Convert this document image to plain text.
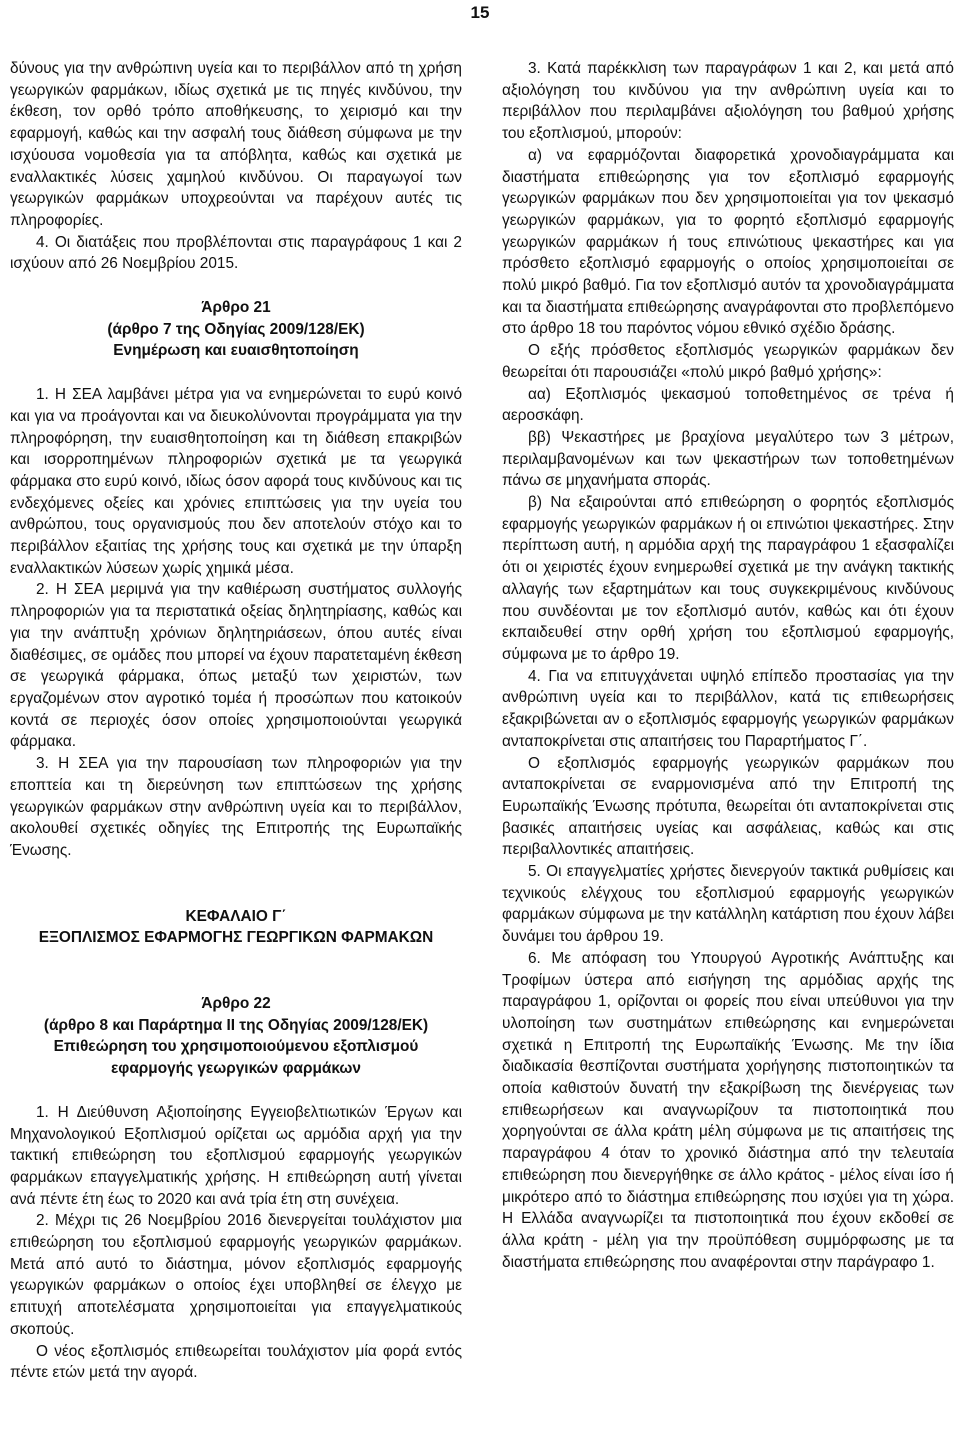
15

δύνους για την ανθρώπινη υγεία και το περιβάλλον από τη χρήση γεωργικών φαρμάκων, ιδίως σχετικά με τις πηγές κινδύνου, την έκθεση, τον ορθό τρόπο αποθήκευσης, το χειρισμό και την εφαρμογή, καθώς και την ασφαλή τους διάθεση σύμφωνα με την ισχύουσα νομοθεσία για τα απόβλητα, καθώς και σχετικά με εναλλακτικές λύσεις χαμηλού κινδύνου. Οι παραγωγοί των γεωργικών φαρμάκων υποχρεούνται να παρέχουν αυτές τις πληροφορίες.

4. Οι διατάξεις που προβλέπονται στις παραγράφους 1 και 2 ισχύουν από 26 Νοεμβρίου 2015.

Άρθρο 21
(άρθρο 7 της Οδηγίας 2009/128/ΕΚ)
Ενημέρωση και ευαισθητοποίηση

1. Η ΣΕΑ λαμβάνει μέτρα για να ενημερώνεται το ευρύ κοινό και για να προάγονται και να διευκολύνονται προγράμματα για την πληροφόρηση, την ευαισθητοποίηση και τη διάθεση επακριβών και ισορροπημένων πληροφοριών σχετικά με τα γεωργικά φάρμακα στο ευρύ κοινό, ιδίως όσον αφορά τους κινδύνους και τις ενδεχόμενες οξείες και χρόνιες επιπτώσεις για την υγεία του ανθρώπου, τους οργανισμούς που δεν αποτελούν στόχο και το περιβάλλον εξαιτίας της χρήσης τους και σχετικά με την ύπαρξη εναλλακτικών λύσεων χωρίς χημικά μέσα.

2. Η ΣΕΑ μεριμνά για την καθιέρωση συστήματος συλλογής πληροφοριών για τα περιστατικά οξείας δηλητηρίασης, καθώς και για την ανάπτυξη χρόνιων δηλητηριάσεων, όπου αυτές είναι διαθέσιμες, σε ομάδες που μπορεί να έχουν παρατεταμένη έκθεση σε γεωργικά φάρμακα, όπως μεταξύ των χειριστών, των εργαζομένων στον αγροτικό τομέα ή προσώπων που κατοικούν κοντά σε περιοχές όσον οποίες χρησιμοποιούνται γεωργικά φάρμακα.

3. Η ΣΕΑ για την παρουσίαση των πληροφοριών για την εποπτεία και τη διερεύνηση των επιπτώσεων της χρήσης γεωργικών φαρμάκων στην ανθρώπινη υγεία και το περιβάλλον, ακολουθεί σχετικές οδηγίες της Επιτροπής της Ευρωπαϊκής Ένωσης.

ΚΕΦΑΛΑΙΟ Γ΄
ΕΞΟΠΛΙΣΜΟΣ ΕΦΑΡΜΟΓΗΣ ΓΕΩΡΓΙΚΩΝ ΦΑΡΜΑΚΩΝ
Άρθρο 22
(άρθρο 8 και Παράρτημα ΙΙ της Οδηγίας 2009/128/ΕΚ)
Επιθεώρηση του χρησιμοποιούμενου εξοπλισμού
εφαρμογής γεωργικών φαρμάκων

1. Η Διεύθυνση Αξιοποίησης Εγγειοβελτιωτικών Έργων και Μηχανολογικού Εξοπλισμού ορίζεται ως αρμόδια αρχή για την τακτική επιθεώρηση του εξοπλισμού εφαρμογής γεωργικών φαρμάκων επαγγελματικής χρήσης. Η επιθεώρηση αυτή γίνεται ανά πέντε έτη έως το 2020 και ανά τρία έτη στη συνέχεια.

2. Μέχρι τις 26 Νοεμβρίου 2016 διενεργείται τουλάχιστον μια επιθεώρηση του εξοπλισμού εφαρμογής γεωργικών φαρμάκων. Μετά από αυτό το διάστημα, μόνον εξοπλισμός εφαρμογής γεωργικών φαρμάκων ο οποίος έχει υποβληθεί σε έλεγχο με επιτυχή αποτελέσματα χρησιμοποιείται για επαγγελματικούς σκοπούς.

Ο νέος εξοπλισμός επιθεωρείται τουλάχιστον μία φορά εντός πέντε ετών μετά την αγορά.

3. Κατά παρέκκλιση των παραγράφων 1 και 2, και μετά από αξιολόγηση του κινδύνου για την ανθρώπινη υγεία και το περιβάλλον που περιλαμβάνει αξιολόγηση του βαθμού χρήσης του εξοπλισμού, μπορούν:

α) να εφαρμόζονται διαφορετικά χρονοδιαγράμματα και διαστήματα επιθεώρησης για τον εξοπλισμό εφαρμογής γεωργικών φαρμάκων που δεν χρησιμοποιείται για τον ψεκασμό γεωργικών φαρμάκων, για το φορητό εξοπλισμό εφαρμογής γεωργικών φαρμάκων ή τους επινώτιους ψεκαστήρες και για πρόσθετο εξοπλισμό εφαρμογής ο οποίος χρησιμοποιείται σε πολύ μικρό βαθμό. Για τον εξοπλισμό αυτόν τα χρονοδιαγράμματα και τα διαστήματα επιθεώρησης αναγράφονται στο προβλεπόμενο στο άρθρο 18 του παρόντος νόμου εθνικό σχέδιο δράσης.

Ο εξής πρόσθετος εξοπλισμός γεωργικών φαρμάκων δεν θεωρείται ότι παρουσιάζει «πολύ μικρό βαθμό χρήσης»:

αα) Εξοπλισμός ψεκασμού τοποθετημένος σε τρένα ή αεροσκάφη.

ββ) Ψεκαστήρες με βραχίονα μεγαλύτερο των 3 μέτρων, περιλαμβανομένων και των ψεκαστήρων των τοποθετημένων πάνω σε μηχανήματα σποράς.

β) Να εξαιρούνται από επιθεώρηση ο φορητός εξοπλισμός εφαρμογής γεωργικών φαρμάκων ή οι επινώτιοι ψεκαστήρες. Στην περίπτωση αυτή, η αρμόδια αρχή της παραγράφου 1 εξασφαλίζει ότι οι χειριστές έχουν ενημερωθεί σχετικά με την ανάγκη τακτικής αλλαγής των εξαρτημάτων και τους συγκεκριμένους κινδύνους που συνδέονται με τον εξοπλισμό αυτόν, καθώς και ότι έχουν εκπαιδευθεί στην ορθή χρήση του εξοπλισμού εφαρμογής, σύμφωνα με το άρθρο 19.

4. Για να επιτυγχάνεται υψηλό επίπεδο προστασίας για την ανθρώπινη υγεία και το περιβάλλον, κατά τις επιθεωρήσεις εξακριβώνεται αν ο εξοπλισμός εφαρμογής γεωργικών φαρμάκων ανταποκρίνεται στις απαιτήσεις του Παραρτήματος Γ΄.

Ο εξοπλισμός εφαρμογής γεωργικών φαρμάκων που ανταποκρίνεται σε εναρμονισμένα από την Επιτροπή της Ευρωπαϊκής Ένωσης πρότυπα, θεωρείται ότι ανταποκρίνεται στις βασικές απαιτήσεις υγείας και ασφάλειας, καθώς και στις περιβαλλοντικές απαιτήσεις.

5. Οι επαγγελματίες χρήστες διενεργούν τακτικά ρυθμίσεις και τεχνικούς ελέγχους του εξοπλισμού εφαρμογής γεωργικών φαρμάκων σύμφωνα με την κατάλληλη κατάρτιση που έχουν λάβει δυνάμει του άρθρου 19.

6. Με απόφαση του Υπουργού Αγροτικής Ανάπτυξης και Τροφίμων ύστερα από εισήγηση της αρμόδιας αρχής της παραγράφου 1, ορίζονται οι φορείς που είναι υπεύθυνοι για την υλοποίηση των συστημάτων επιθεώρησης και ενημερώνεται σχετικά η Επιτροπή της Ευρωπαϊκής Ένωσης. Με την ίδια διαδικασία θεσπίζονται συστήματα χορήγησης πιστοποιητικών τα οποία καθιστούν δυνατή την εξακρίβωση της διενέργειας των επιθεωρήσεων και αναγνωρίζουν τα πιστοποιητικά που χορηγούνται σε άλλα κράτη μέλη σύμφωνα με τις απαιτήσεις της παραγράφου 4 όταν το χρονικό διάστημα από την τελευταία επιθεώρηση που διενεργήθηκε σε άλλο κράτος - μέλος είναι ίσο ή μικρότερο από το διάστημα επιθεώρησης που ισχύει για τη χώρα. Η Ελλάδα αναγνωρίζει τα πιστοποιητικά που έχουν εκδοθεί σε άλλα κράτη - μέλη για την προϋπόθεση συμμόρφωσης με τα διαστήματα επιθεώρησης που αναφέρονται στην παράγραφο 1.
